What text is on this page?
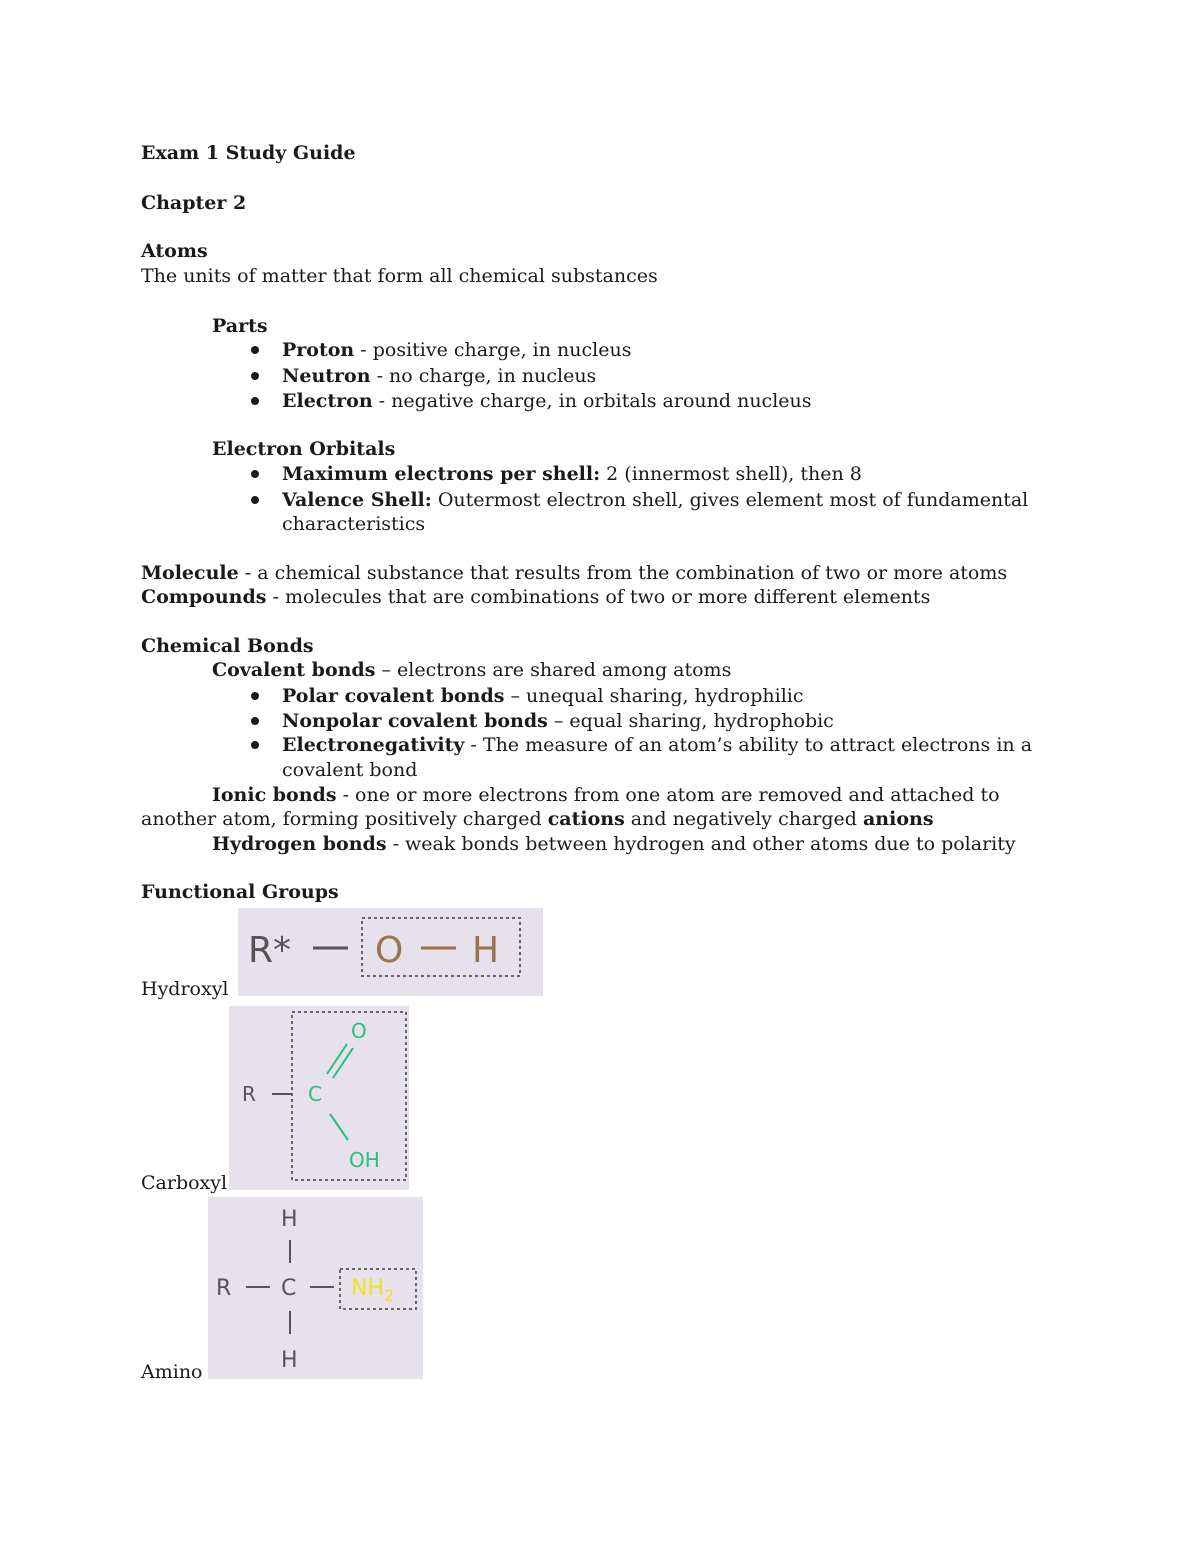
Exam 1 Study Guide
Chapter 2
Atoms
The units of matter that form all chemical substances
Parts
Proton - positive charge, in nucleus
Neutron - no charge, in nucleus
Electron - negative charge, in orbitals around nucleus
Electron Orbitals
Maximum electrons per shell: 2 (innermost shell), then 8
Valence Shell: Outermost electron shell, gives element most of fundamental
characteristics
Molecule - a chemical substance that results from the combination of two or more atoms
Compounds - molecules that are combinations of two or more different elements
Chemical Bonds
Covalent bonds – electrons are shared among atoms
Polar covalent bonds – unequal sharing, hydrophilic
Nonpolar covalent bonds – equal sharing, hydrophobic
Electronegativity - The measure of an atom’s ability to attract electrons in a
covalent bond
Ionic bonds - one or more electrons from one atom are removed and attached to
another atom, forming positively charged cations and negatively charged anions
Hydrogen bonds - weak bonds between hydrogen and other atoms due to polarity
Functional Groups
Hydroxyl
R* O H
Carboxyl
R	C
O
OH
Amino
H
R C $NH_2$
H
